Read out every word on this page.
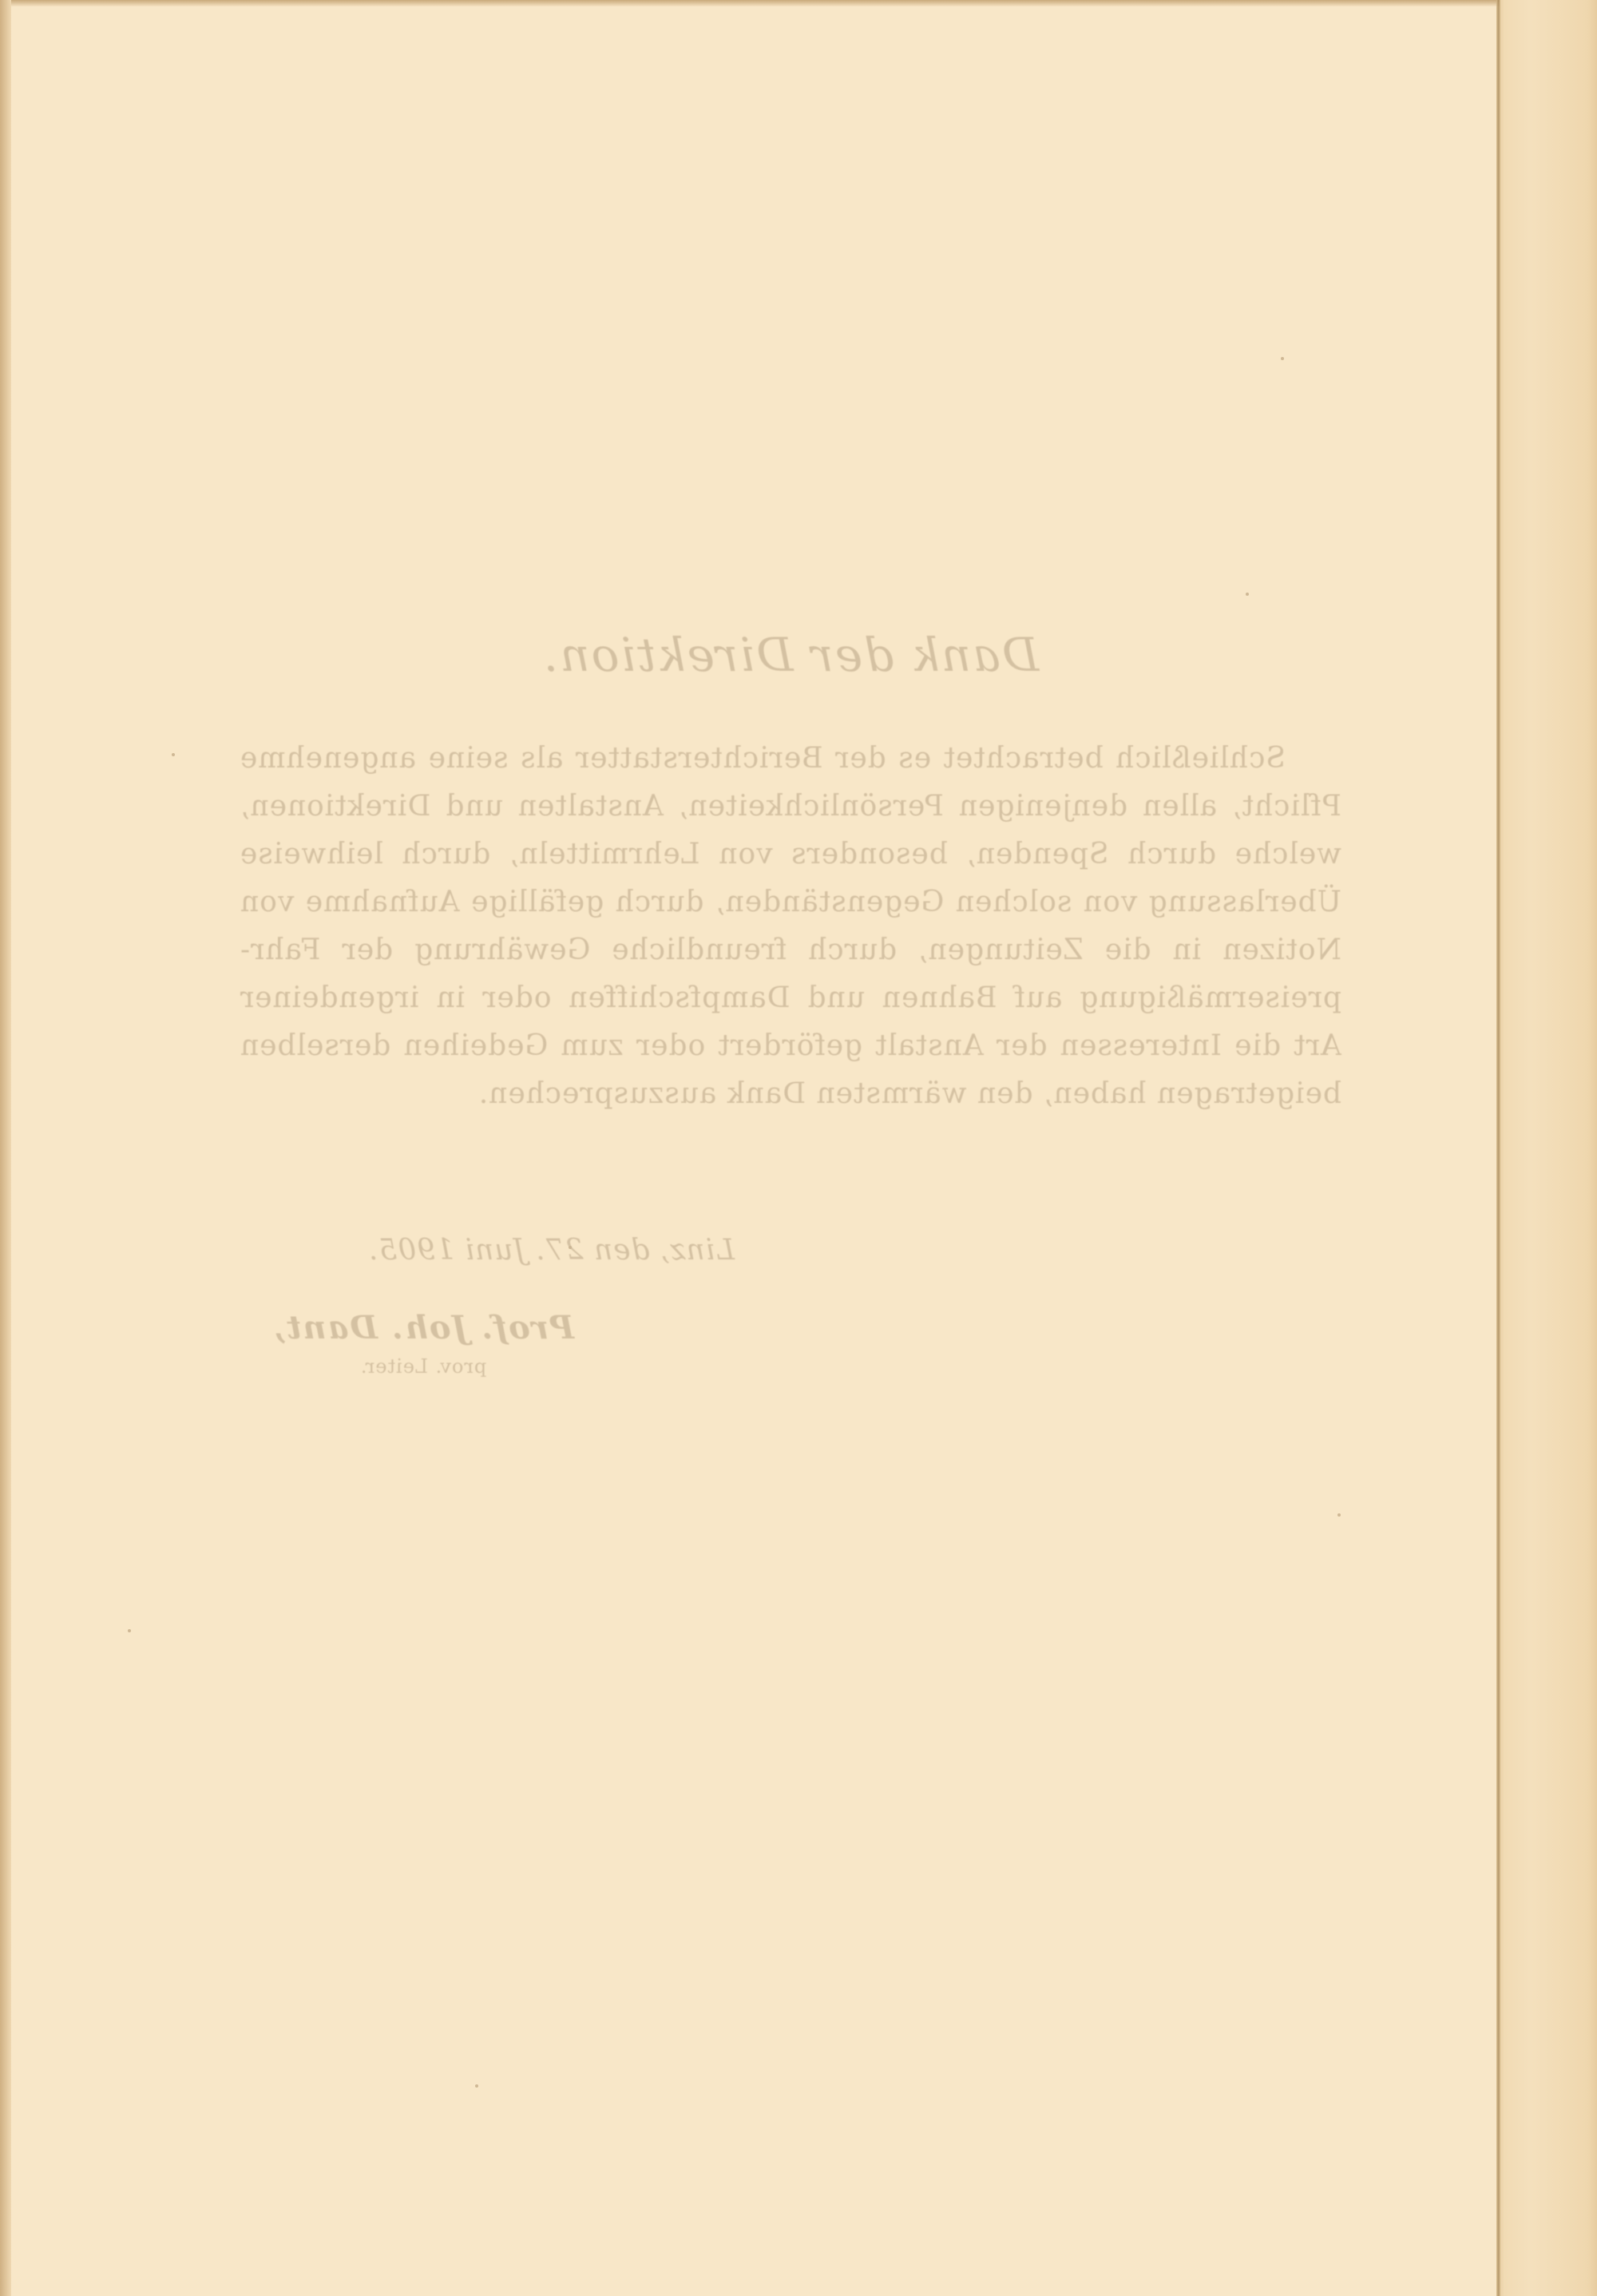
Dank der Direktion.
Schließlich betrachtet es der Berichterstatter als seine angenehme
Pflicht, allen denjenigen Persönlichkeiten, Anstalten und Direktionen,
welche durch Spenden, besonders von Lehrmitteln, durch leihweise
Überlassung von solchen Gegenständen, durch gefällige Aufnahme von
Notizen in die Zeitungen, durch freundliche Gewährung der Fahr-
preisermäßigung auf Bahnen und Dampfschiffen oder in irgendeiner
Art die Interessen der Anstalt gefördert oder zum Gedeihen derselben
beigetragen haben, den wärmsten Dank auszusprechen.
Linz, den 27. Juni 1905.
Prof. Joh. Dant,
prov. Leiter.
